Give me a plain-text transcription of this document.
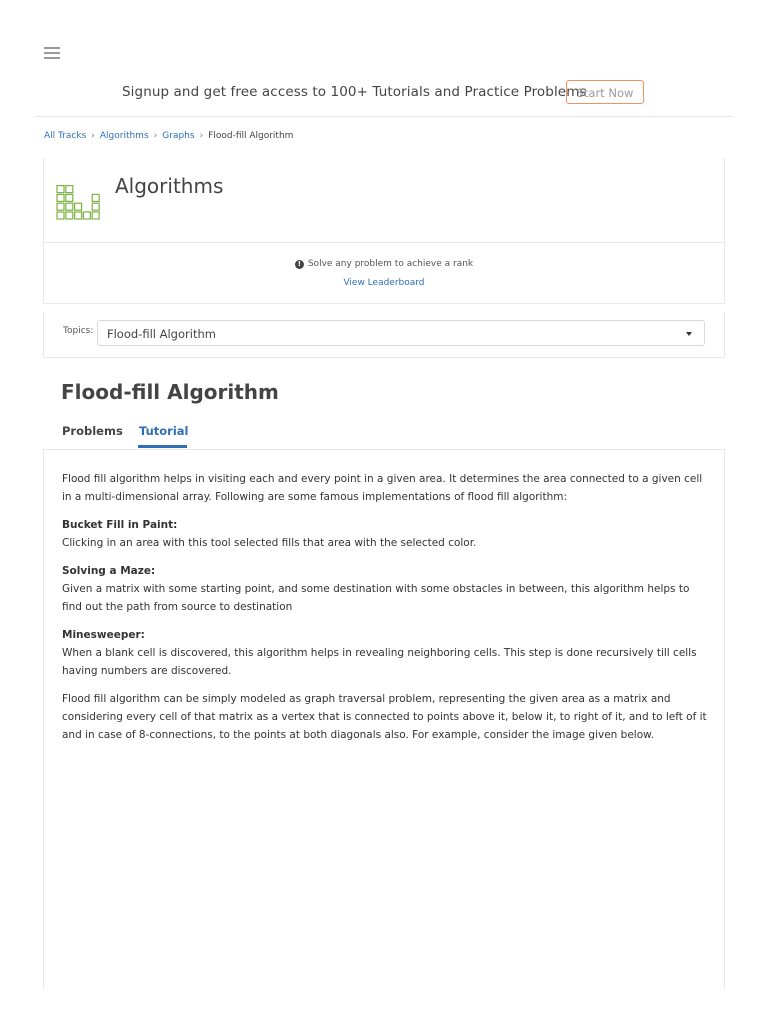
Signup and get free access to 100+ Tutorials and Practice Problems
Start Now
All Tracks › Algorithms › Graphs › Flood-fill Algorithm
Algorithms
! Solve any problem to achieve a rank
View Leaderboard
Topics: Flood-fill Algorithm
Flood-fill Algorithm
Problems Tutorial

Flood fill algorithm helps in visiting each and every point in a given area. It determines the area connected to a given cell in a multi-dimensional array. Following are some famous implementations of flood fill algorithm:

Bucket Fill in Paint:
Clicking in an area with this tool selected fills that area with the selected color.

Solving a Maze:
Given a matrix with some starting point, and some destination with some obstacles in between, this algorithm helps to find out the path from source to destination

Minesweeper:
When a blank cell is discovered, this algorithm helps in revealing neighboring cells. This step is done recursively till cells having numbers are discovered.

Flood fill algorithm can be simply modeled as graph traversal problem, representing the given area as a matrix and considering every cell of that matrix as a vertex that is connected to points above it, below it, to right of it, and to left of it and in case of 8-connections, to the points at both diagonals also. For example, consider the image given below.
